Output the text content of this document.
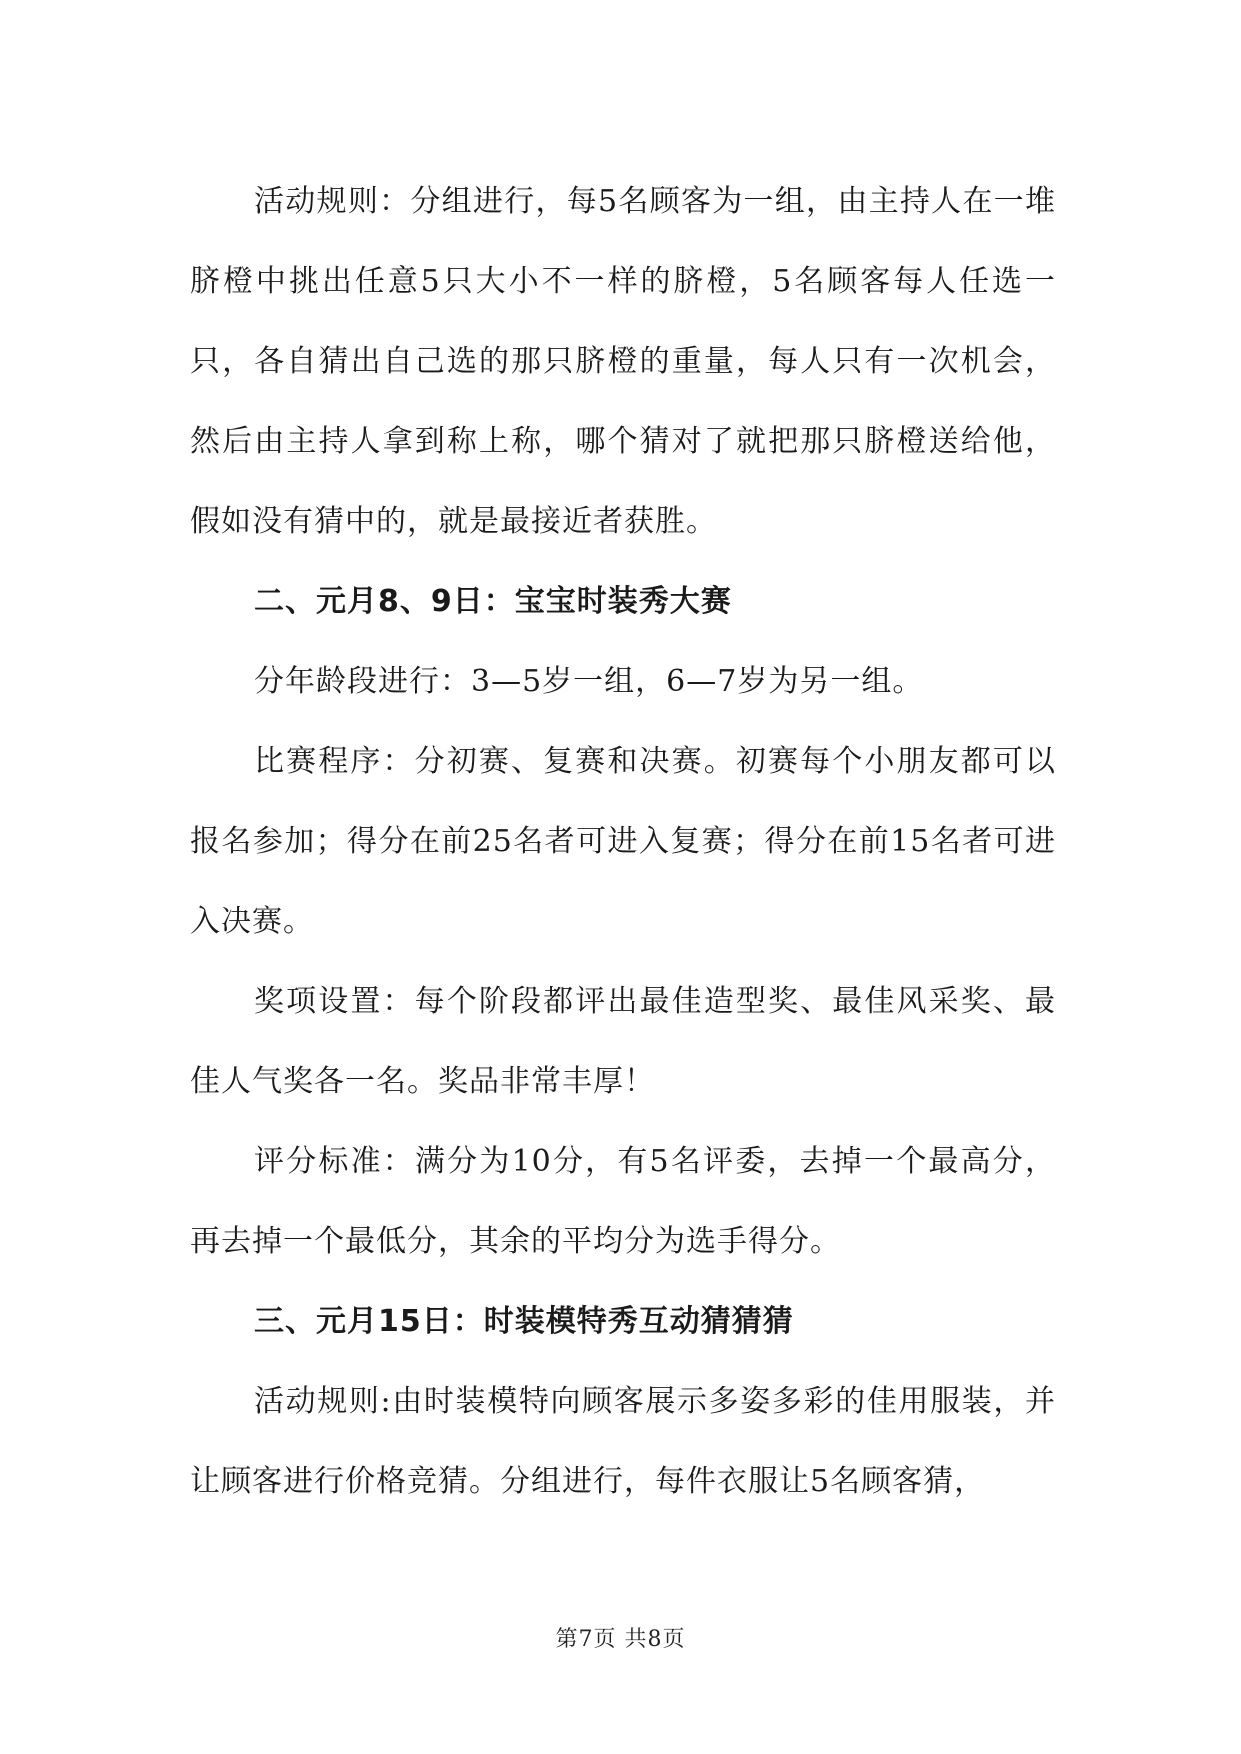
活动规则：分组进行，每5名顾客为一组，由主持人在一堆脐橙中挑出任意5只大小不一样的脐橙，5名顾客每人任选一只，各自猜出自己选的那只脐橙的重量，每人只有一次机会，然后由主持人拿到称上称，哪个猜对了就把那只脐橙送给他，假如没有猜中的，就是最接近者获胜。

二、元月8、9日：宝宝时装秀大赛

分年龄段进行：3—5岁一组，6—7岁为另一组。

比赛程序：分初赛、复赛和决赛。初赛每个小朋友都可以报名参加；得分在前25名者可进入复赛；得分在前15名者可进入决赛。

奖项设置：每个阶段都评出最佳造型奖、最佳风采奖、最佳人气奖各一名。奖品非常丰厚！

评分标准：满分为10分，有5名评委，去掉一个最高分，再去掉一个最低分，其余的平均分为选手得分。

三、元月15日：时装模特秀互动猜猜猜

活动规则:由时装模特向顾客展示多姿多彩的佳用服装，并让顾客进行价格竞猜。分组进行，每件衣服让5名顾客猜，

第7页 共8页
